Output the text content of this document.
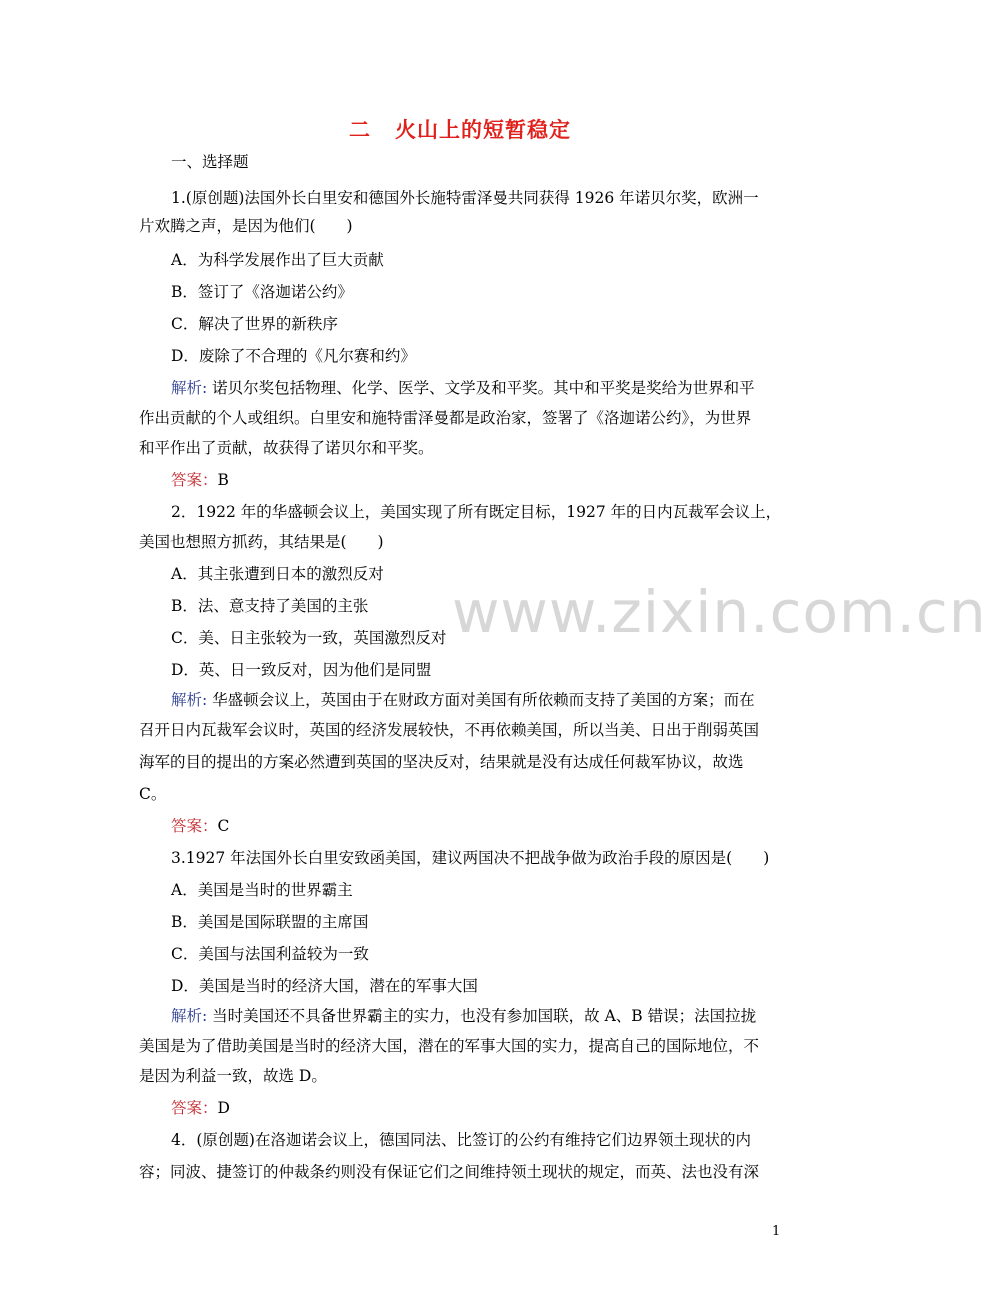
www.zixin.com.cn
二 火山上的短暂稳定
一、选择题
1.(原创题)法国外长白里安和德国外长施特雷泽曼共同获得 1926 年诺贝尔奖，欧洲一
片欢腾之声，是因为他们(　　)
A．为科学发展作出了巨大贡献
B．签订了《洛迦诺公约》
C．解决了世界的新秩序
D．废除了不合理的《凡尔赛和约》
解析: 诺贝尔奖包括物理、化学、医学、文学及和平奖。其中和平奖是奖给为世界和平
作出贡献的个人或组织。白里安和施特雷泽曼都是政治家，签署了《洛迦诺公约》，为世界
和平作出了贡献，故获得了诺贝尔和平奖。
答案：B
2．1922 年的华盛顿会议上，美国实现了所有既定目标，1927 年的日内瓦裁军会议上，
美国也想照方抓药，其结果是(　　)
A．其主张遭到日本的激烈反对
B．法、意支持了美国的主张
C．美、日主张较为一致，英国激烈反对
D．英、日一致反对，因为他们是同盟
解析: 华盛顿会议上，英国由于在财政方面对美国有所依赖而支持了美国的方案；而在
召开日内瓦裁军会议时，英国的经济发展较快，不再依赖美国，所以当美、日出于削弱英国
海军的目的提出的方案必然遭到英国的坚决反对，结果就是没有达成任何裁军协议，故选
C。
答案：C
3.1927 年法国外长白里安致函美国，建议两国决不把战争做为政治手段的原因是(　　)
A．美国是当时的世界霸主
B．美国是国际联盟的主席国
C．美国与法国利益较为一致
D．美国是当时的经济大国，潜在的军事大国
解析: 当时美国还不具备世界霸主的实力，也没有参加国联，故 A、B 错误；法国拉拢
美国是为了借助美国是当时的经济大国，潜在的军事大国的实力，提高自己的国际地位，不
是因为利益一致，故选 D。
答案：D
4．(原创题)在洛迦诺会议上，德国同法、比签订的公约有维持它们边界领土现状的内
容；同波、捷签订的仲裁条约则没有保证它们之间维持领土现状的规定，而英、法也没有深
1
